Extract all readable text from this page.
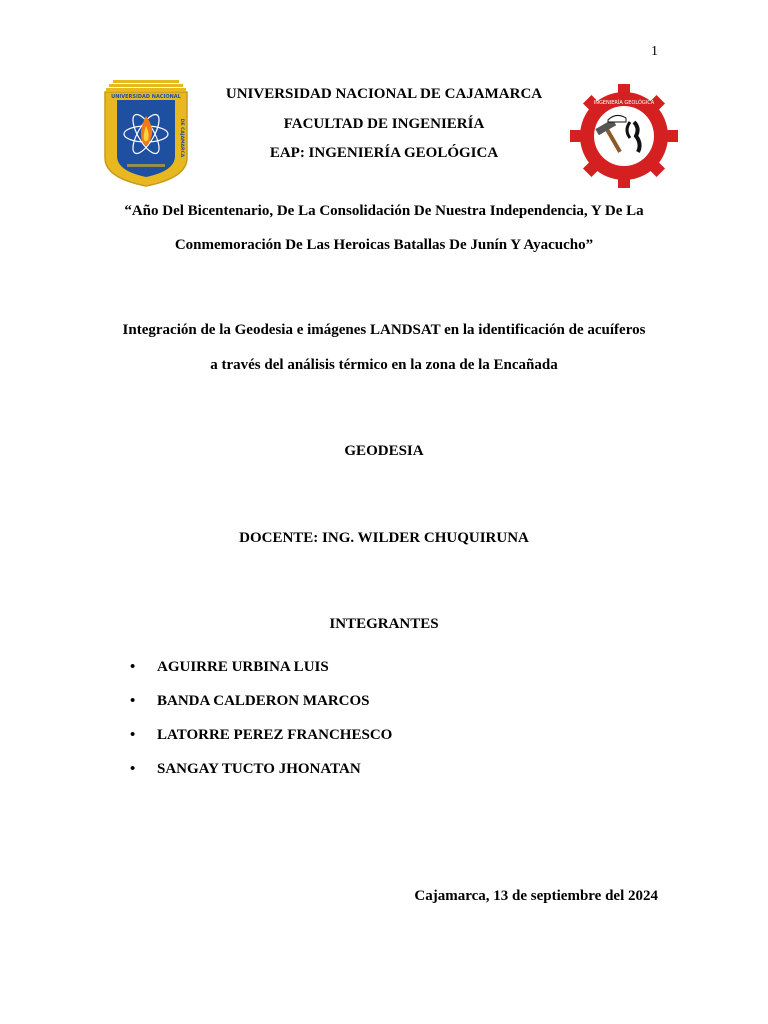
1
UNIVERSIDAD NACIONAL
DE CAJAMARCA
UNIVERSIDAD NACIONAL DE CAJAMARCA
FACULTAD DE INGENIERÍA
EAP: INGENIERÍA GEOLÓGICA
INGENIERÍA GEOLÓGICA
“Año Del Bicentenario, De La Consolidación De Nuestra Independencia, Y De La
Conmemoración De Las Heroicas Batallas De Junín Y Ayacucho”
Integración de la Geodesia e imágenes LANDSAT en la identificación de acuíferos
a través del análisis térmico en la zona de la Encañada
GEODESIA
DOCENTE: ING. WILDER CHUQUIRUNA
INTEGRANTES
• AGUIRRE URBINA LUIS
• BANDA CALDERON MARCOS
• LATORRE PEREZ FRANCHESCO
• SANGAY TUCTO JHONATAN
Cajamarca, 13 de septiembre del 2024
